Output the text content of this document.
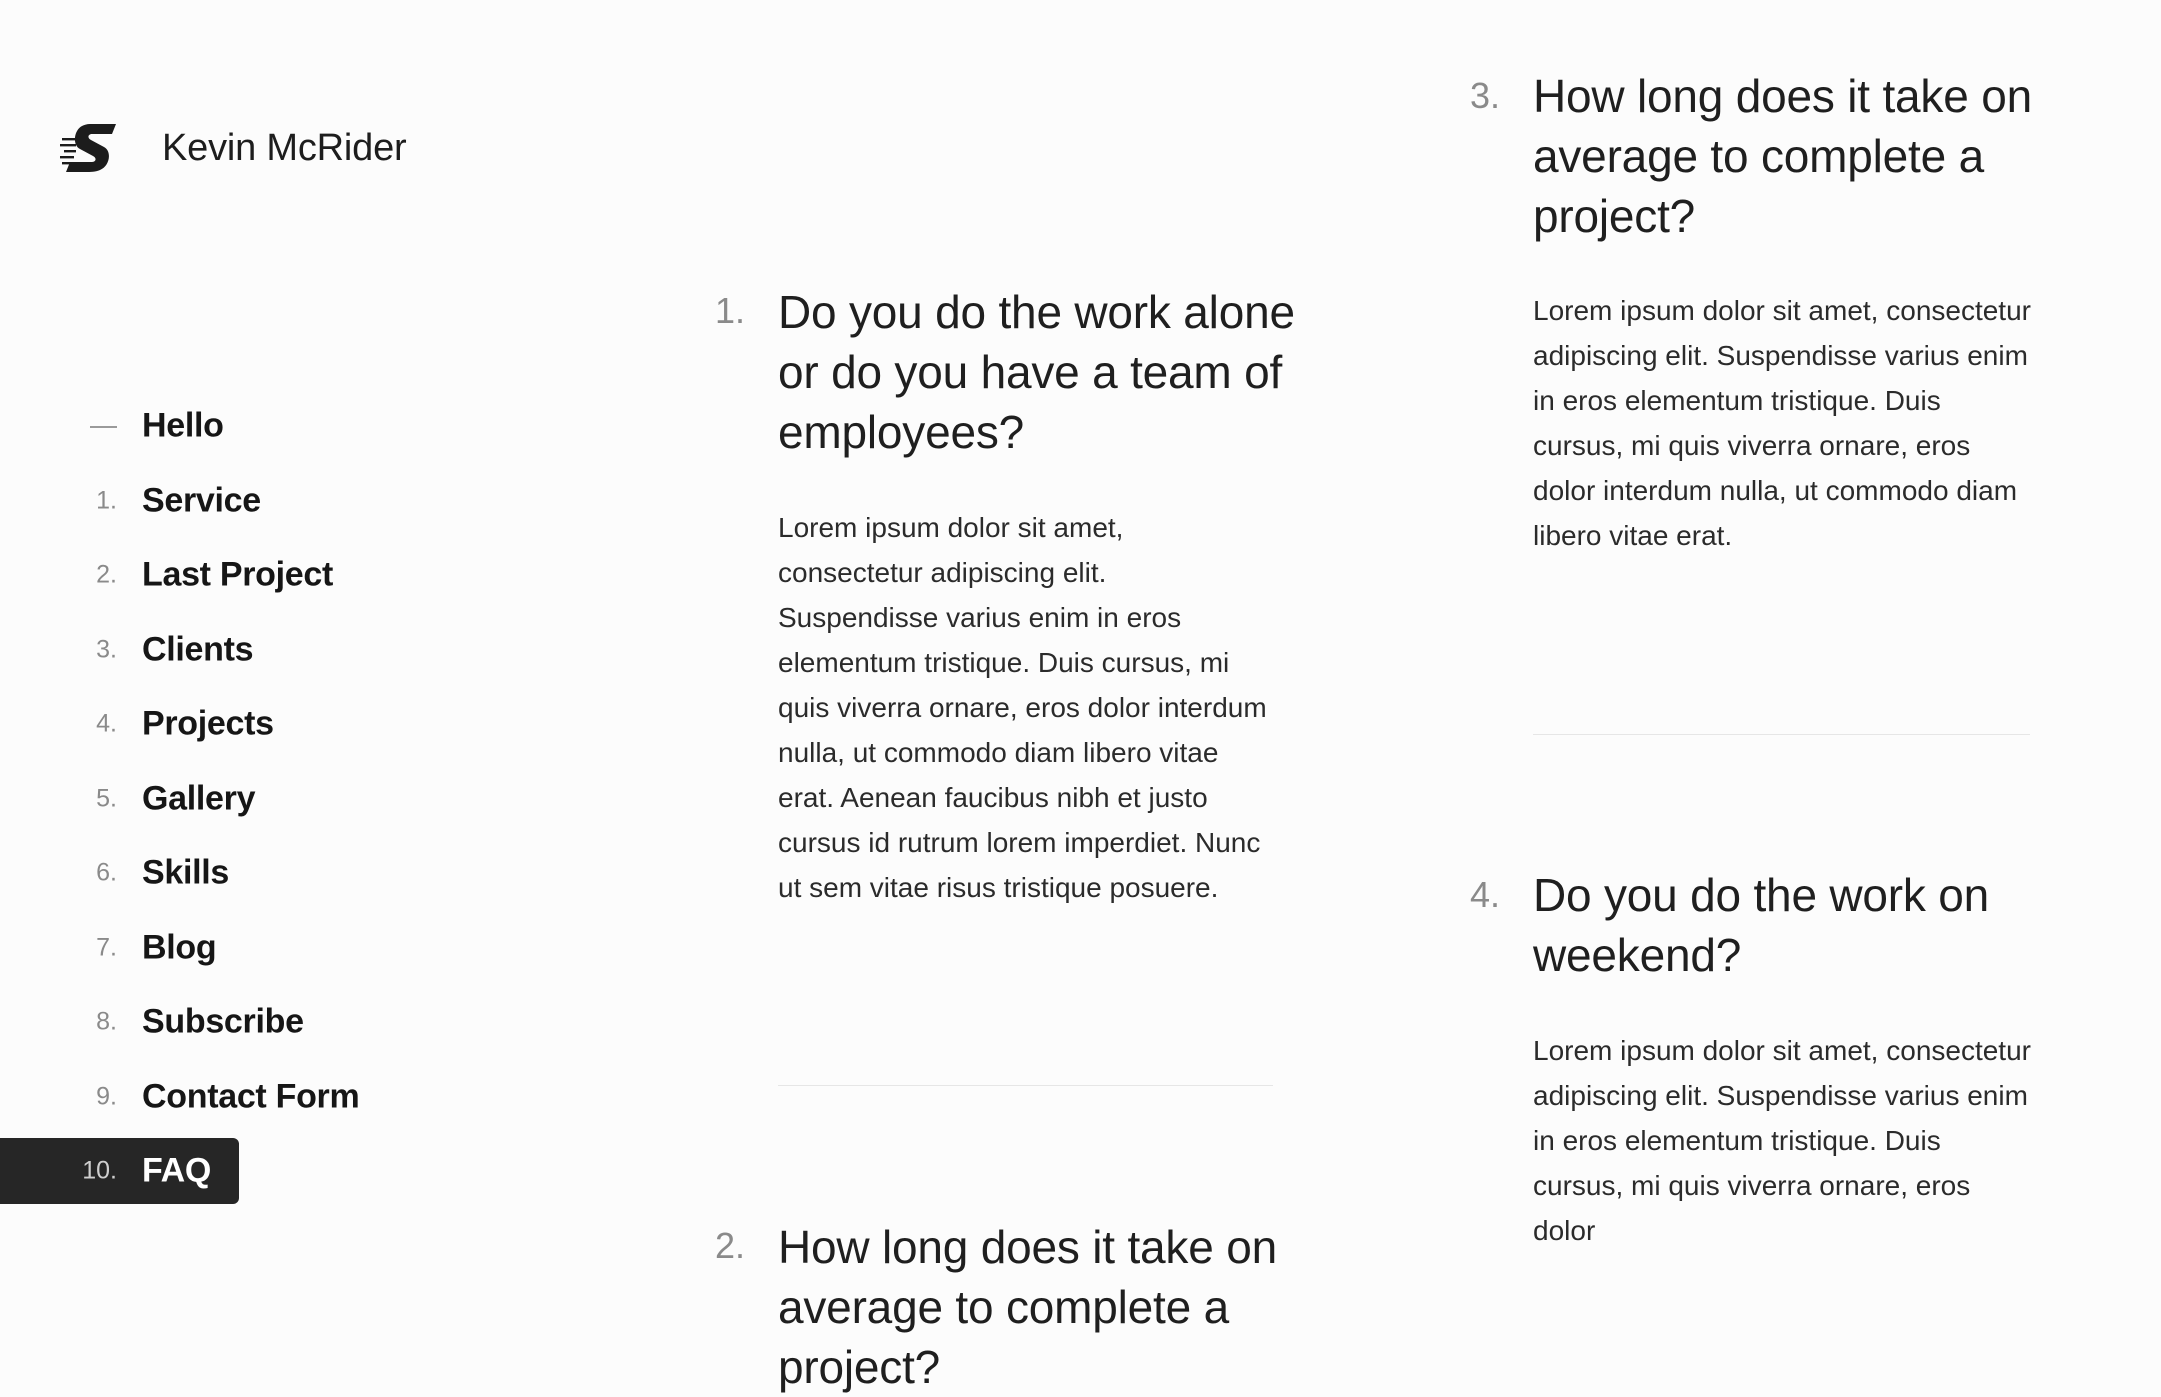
Kevin McRider
Hello
1. Service
2. Last Project
3. Clients
4. Projects
5. Gallery
6. Skills
7. Blog
8. Subscribe
9. Contact Form
10. FAQ
1. Do you do the work alone or do you have a team of employees?

Lorem ipsum dolor sit amet, consectetur adipiscing elit. Suspendisse varius enim in eros elementum tristique. Duis cursus, mi quis viverra ornare, eros dolor interdum nulla, ut commodo diam libero vitae erat. Aenean faucibus nibh et justo cursus id rutrum lorem imperdiet. Nunc ut sem vitae risus tristique posuere.

2. How long does it take on average to complete a project?
3. How long does it take on average to complete a project?

Lorem ipsum dolor sit amet, consectetur adipiscing elit. Suspendisse varius enim in eros elementum tristique. Duis cursus, mi quis viverra ornare, eros dolor interdum nulla, ut commodo diam libero vitae erat.

4. Do you do the work on weekend?

Lorem ipsum dolor sit amet, consectetur adipiscing elit. Suspendisse varius enim in eros elementum tristique. Duis cursus, mi quis viverra ornare, eros dolor
